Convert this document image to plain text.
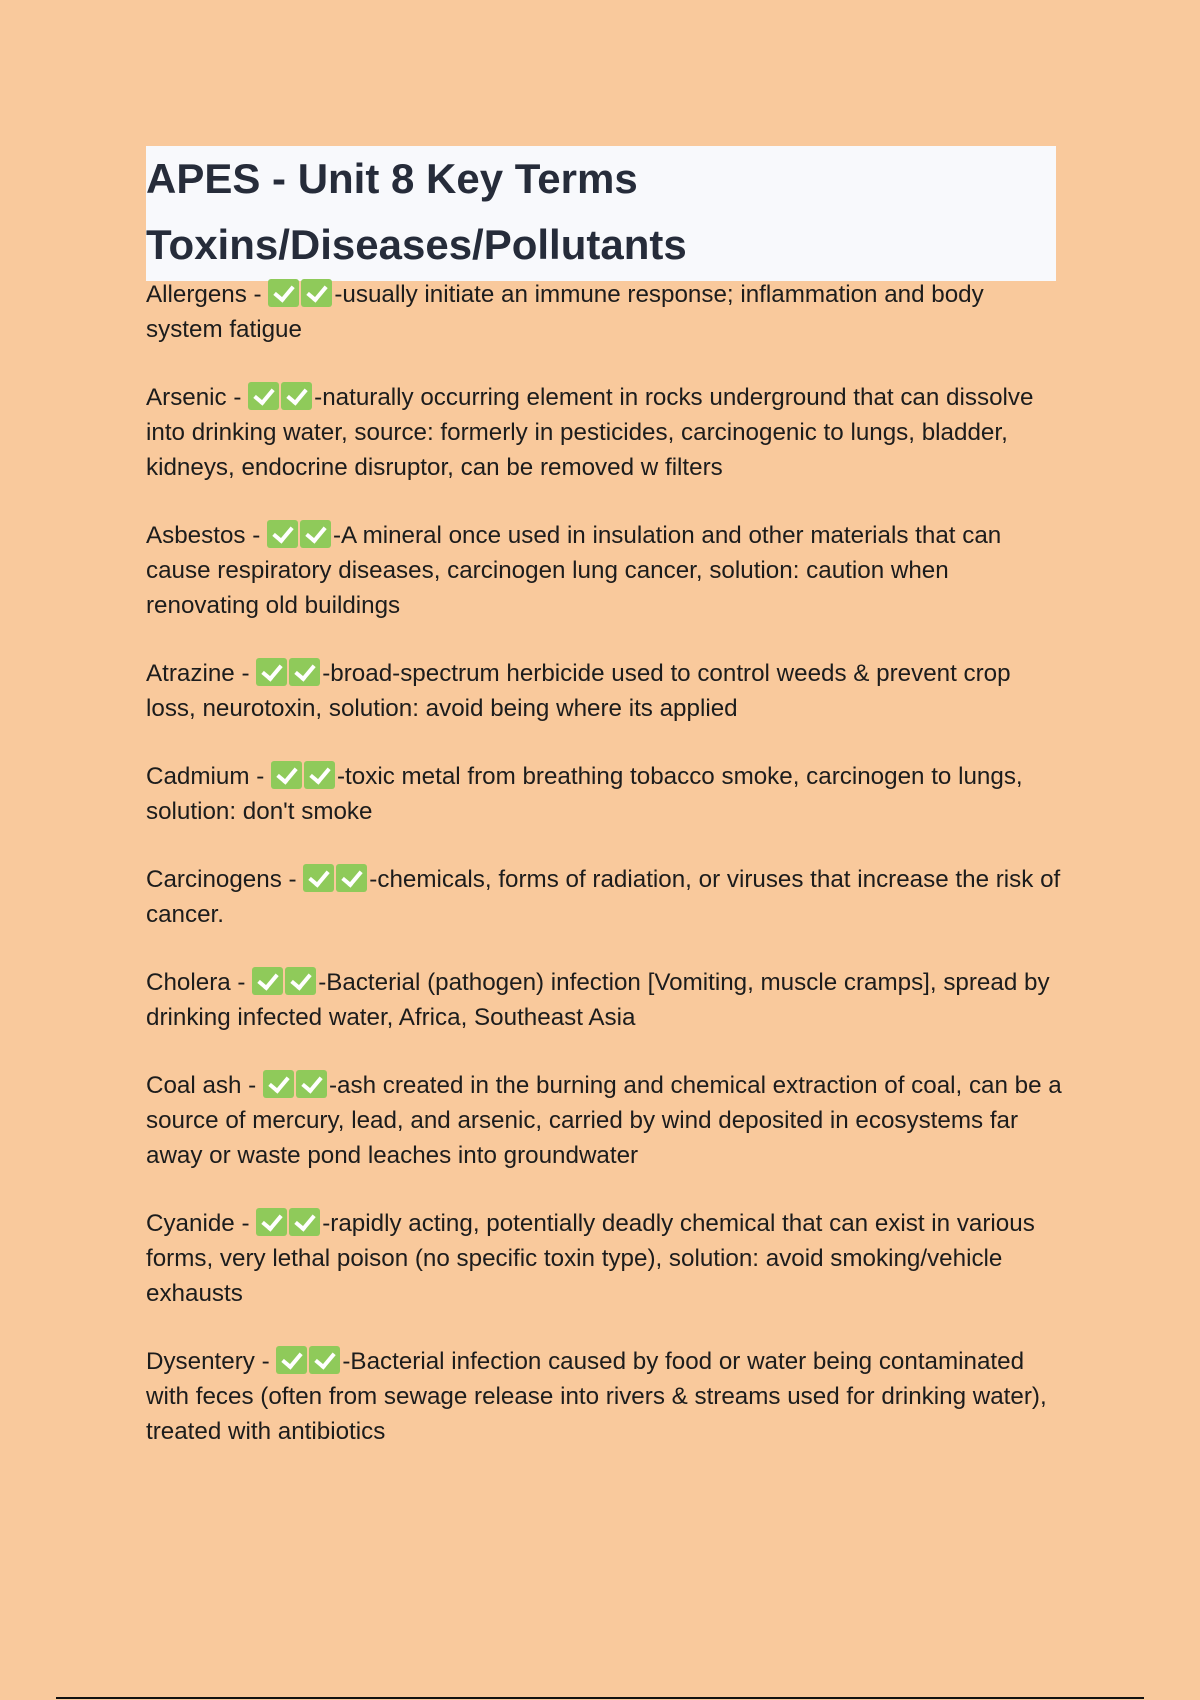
APES - Unit 8 Key Terms
Toxins/Diseases/Pollutants

Allergens -	-usually initiate an immune response; inflammation and body system fatigue

Arsenic -	-naturally occurring element in rocks underground that can dissolve into drinking water, source: formerly in pesticides, carcinogenic to lungs, bladder, kidneys, endocrine disruptor, can be removed w filters

Asbestos -	-A mineral once used in insulation and other materials that can cause respiratory diseases, carcinogen lung cancer, solution: caution when renovating old buildings

Atrazine -	-broad-spectrum herbicide used to control weeds & prevent crop loss, neurotoxin, solution: avoid being where its applied

Cadmium -	-toxic metal from breathing tobacco smoke, carcinogen to lungs, solution: don't smoke

Carcinogens -	-chemicals, forms of radiation, or viruses that increase the risk of cancer.

Cholera -	-Bacterial (pathogen) infection [Vomiting, muscle cramps], spread by drinking infected water, Africa, Southeast Asia

Coal ash -	-ash created in the burning and chemical extraction of coal, can be a source of mercury, lead, and arsenic, carried by wind deposited in ecosystems far away or waste pond leaches into groundwater

Cyanide -	-rapidly acting, potentially deadly chemical that can exist in various forms, very lethal poison (no specific toxin type), solution: avoid smoking/vehicle exhausts

Dysentery -	-Bacterial infection caused by food or water being contaminated with feces (often from sewage release into rivers & streams used for drinking water), treated with antibiotics
